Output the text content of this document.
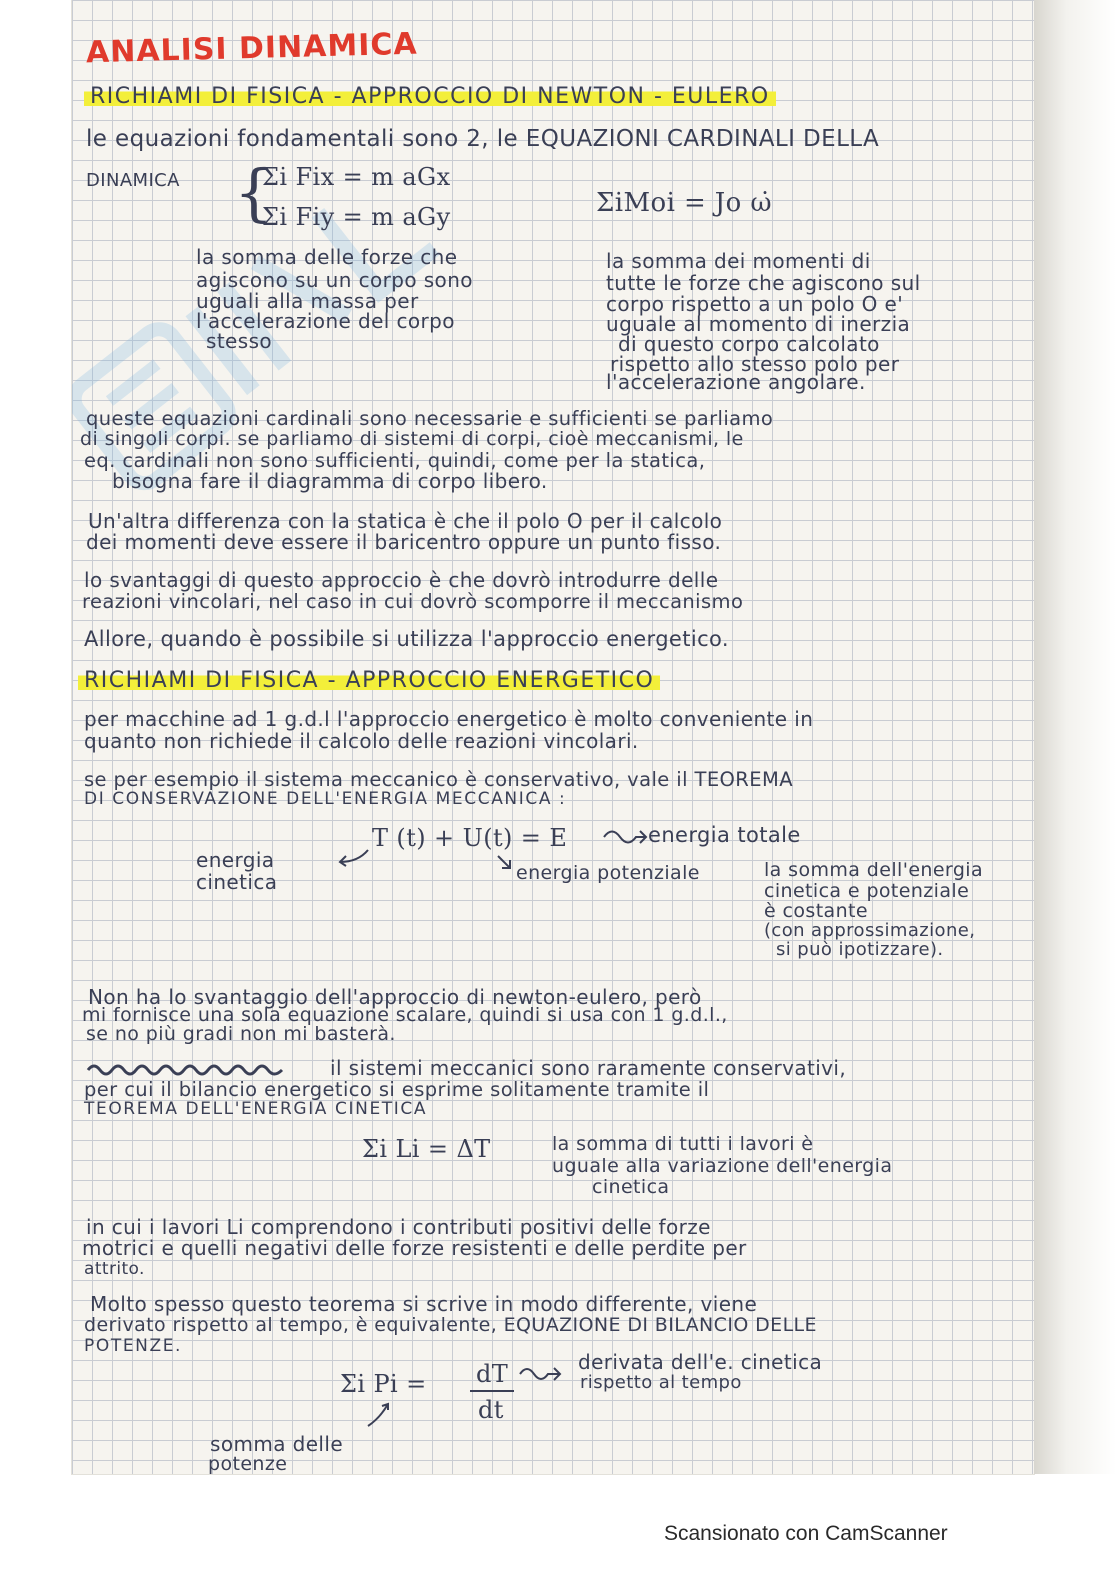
ANALISI DINAMICA

RICHIAMI DI FISICA - APPROCCIO DI NEWTON - EULERO

le equazioni fondamentali sono 2, le EQUAZIONI CARDINALI DELLA

DINAMICA {

Σi Fix = m aGx

Σi Fiy = m aGy	ΣiMoi = Jo ω̇

la somma delle forze che

agiscono su un corpo sono

uguali alla massa per

l'accelerazione del corpo

stesso

la somma dei momenti di

tutte le forze che agiscono sul

corpo rispetto a un polo O e'

uguale al momento di inerzia

di questo corpo calcolato

rispetto allo stesso polo per

l'accelerazione angolare.

queste equazioni cardinali sono necessarie e sufficienti se parliamo

di singoli corpi. se parliamo di sistemi di corpi, cioè meccanismi, le

eq. cardinali non sono sufficienti, quindi, come per la statica,

bisogna fare il diagramma di corpo libero.

Un'altra differenza con la statica è che il polo O per il calcolo

dei momenti deve essere il baricentro oppure un punto fisso.

lo svantaggi di questo approccio è che dovrò introdurre delle

reazioni vincolari, nel caso in cui dovrò scomporre il meccanismo

Allore, quando è possibile si utilizza l'approccio energetico.

RICHIAMI DI FISICA - APPROCCIO ENERGETICO

per macchine ad 1 g.d.l l'approccio energetico è molto conveniente in

quanto non richiede il calcolo delle reazioni vincolari.

se per esempio il sistema meccanico è conservativo, vale il TEOREMA

DI CONSERVAZIONE DELL'ENERGIA MECCANICA :

T (t) + U(t) = E	energia totale

energia

cinetica	energia potenziale	la somma dell'energia

cinetica e potenziale

è costante

(con approssimazione,

si può ipotizzare).

Non ha lo svantaggio dell'approccio di newton-eulero, però

mi fornisce una sola equazione scalare, quindi si usa con 1 g.d.l.,

se no più gradi non mi basterà.

il sistemi meccanici sono raramente conservativi,

per cui il bilancio energetico si esprime solitamente tramite il

TEOREMA DELL'ENERGIA CINETICA

Σi Li = ΔT	la somma di tutti i lavori è

uguale alla variazione dell'energia

cinetica

in cui i lavori Li comprendono i contributi positivi delle forze

motrici e quelli negativi delle forze resistenti e delle perdite per

attrito.

Molto spesso questo teorema si scrive in modo differente, viene

derivato rispetto al tempo, è equivalente, EQUAZIONE DI BILANCIO DELLE

POTENZE.

Σi Pi = dT

dt

derivata dell'e. cinetica

rispetto al tempo

somma delle

potenze

Scansionato con CamScanner
